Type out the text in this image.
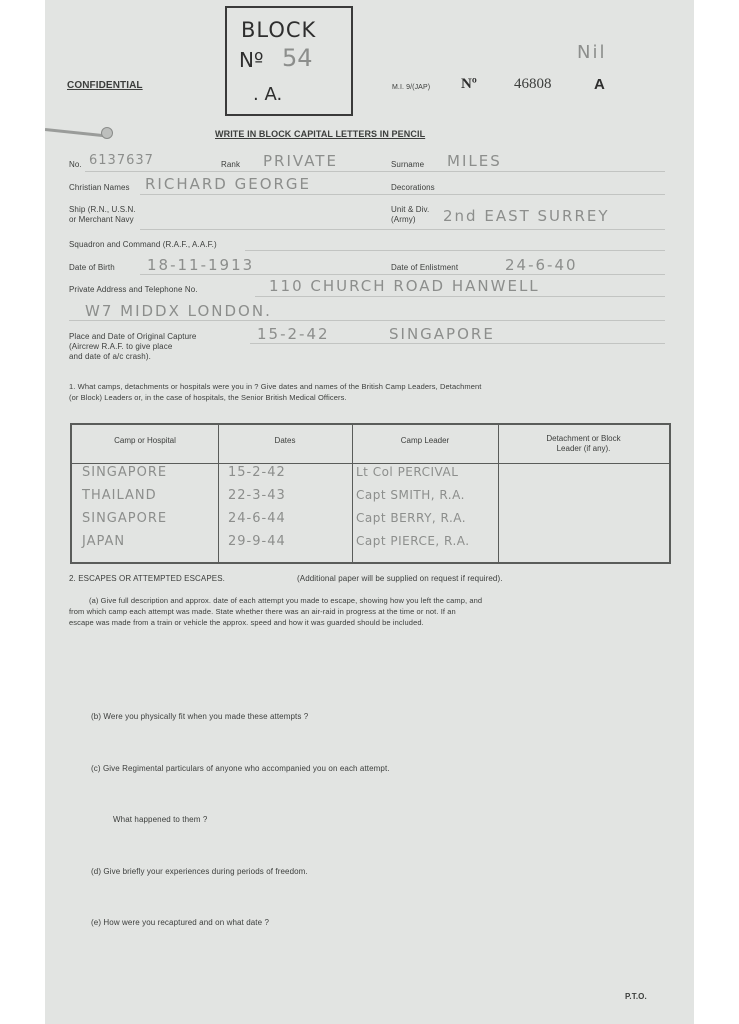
BLOCK
Nº 54
. A.
Nil
CONFIDENTIAL	M.I. 9/(JAP) Nº 46808	A
WRITE IN BLOCK CAPITAL LETTERS IN PENCIL
No. 6137637	Rank PRIVATE	Surname MILES
Christian Names RICHARD GEORGE	Decorations
Ship (R.N., U.S.N.
or Merchant Navy
Unit & Div.
(Army) 2nd EAST SURREY
Squadron and Command (R.A.F., A.A.F.)
Date of Birth 18-11-1913	Date of Enlistment	24-6-40
Private Address and Telephone No.	110 CHURCH ROAD HANWELL
W7 MIDDX LONDON.
Place and Date of Original Capture
(Aircrew R.A.F. to give place
and date of a/c crash).
15-2-42	SINGAPORE
1. What camps, detachments or hospitals were you in ? Give dates and names of the British Camp Leaders, Detachment
(or Block) Leaders or, in the case of hospitals, the Senior British Medical Officers.
Camp or Hospital	Dates	Camp Leader	Detachment or Block
Leader (if any).
SINGAPORE	15-2-42	Lt Col PERCIVAL
THAILAND	22-3-43	Capt SMITH, R.A.
SINGAPORE	24-6-44	Capt BERRY, R.A.
JAPAN	29-9-44	Capt PIERCE, R.A.
2. ESCAPES OR ATTEMPTED ESCAPES.	(Additional paper will be supplied on request if required).
(a) Give full description and approx. date of each attempt you made to escape, showing how you left the camp, and
from which camp each attempt was made. State whether there was an air-raid in progress at the time or not. If an
escape was made from a train or vehicle the approx. speed and how it was guarded should be included.
(b) Were you physically fit when you made these attempts ?
(c) Give Regimental particulars of anyone who accompanied you on each attempt.
What happened to them ?
(d) Give briefly your experiences during periods of freedom.
(e) How were you recaptured and on what date ?
P.T.O.
